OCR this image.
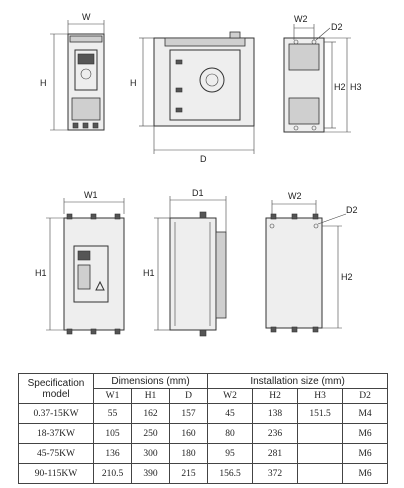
W
H	H
D
W2
D2
H2 H3
W1
H1
D1
H1
W2
D2
H2
Specification model	Dimensions (mm)			Installation size (mm)			
	W1	H1	D	W2	H2	H3	D2
0.37-15KW	55	162	157	45	138	151.5	M4
18-37KW	105	250	160	80	236		M6
45-75KW	136	300	180	95	281		M6
90-115KW	210.5	390	215	156.5	372		M6
